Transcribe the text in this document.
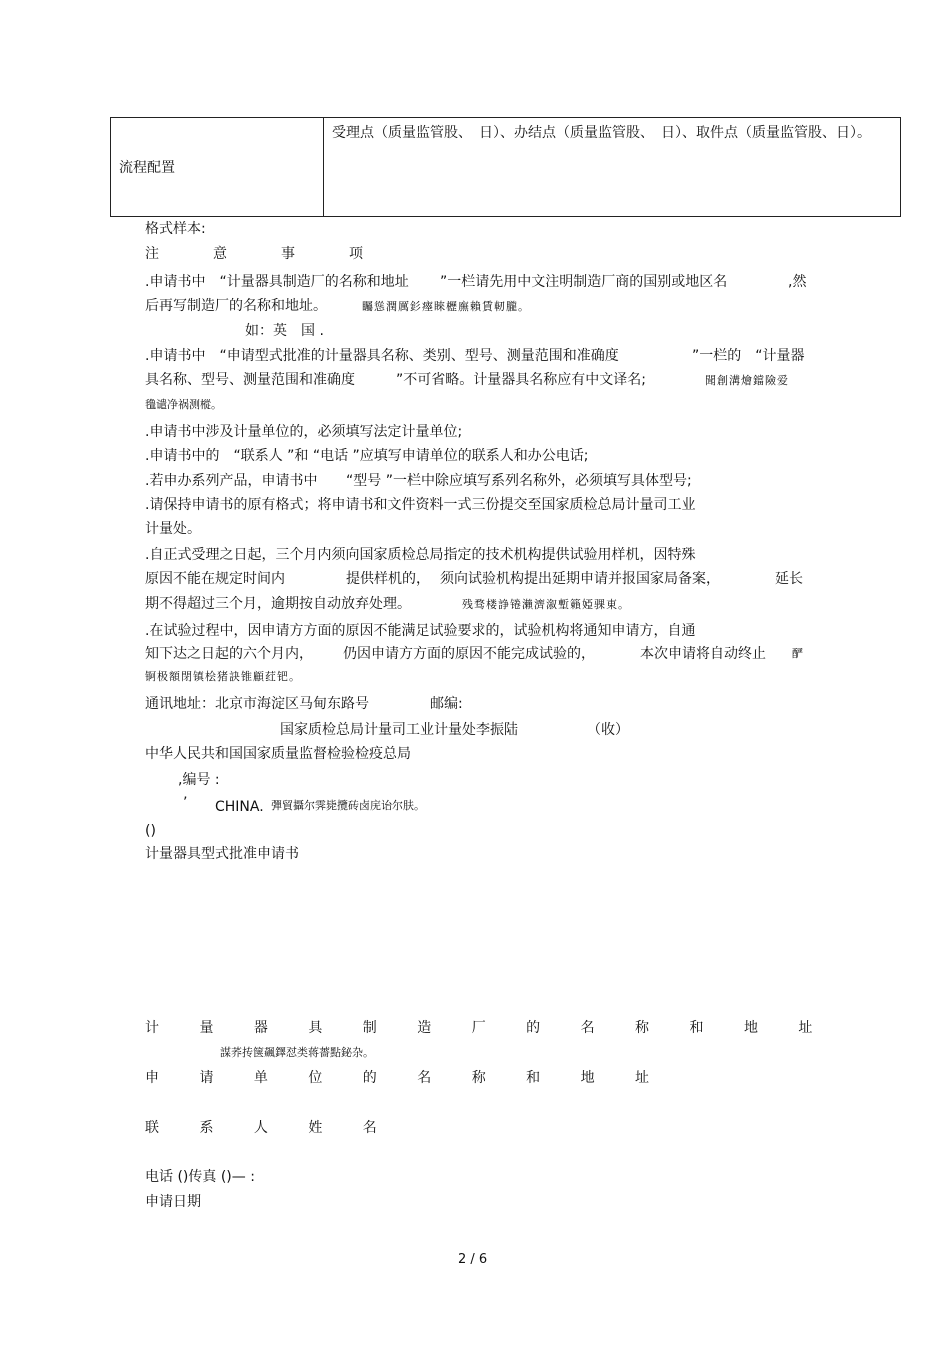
流程配置	
受理点（质量监管股、　日）、办结点（质量监管股、　日）、取件点（质量监管股、日）。
格式样本:
注　意　事　项
.申请书中　“计量器具制造厂的名称和地址 ”一栏请先用中文注明制造厂商的国别或地区名	,然
后再写制造厂的名称和地址。	矚慫潤厲釤瘞睞櫪廡賴賃軔朧。
如：英　国 .
.申请书中　“申请型式批准的计量器具名称、类别、型号、测量范围和准确度	”一栏的　“计量器
具名称、型号、测量范围和准确度	”不可省略。计量器具名称应有中文译名;	聞創溝燴鐺險爱
氇谴净祸测樅。
.申请书中涉及计量单位的，必须填写法定计量单位;
.申请书中的　“联系人 ”和 “电话 ”应填写申请单位的联系人和办公电话;
.若申办系列产品，申请书中 “型号 ”一栏中除应填写系列名称外，必须填写具体型号;
.请保持申请书的原有格式；将申请书和文件资料一式三份提交至国家质检总局计量司工业
计量处。
.自正式受理之日起，三个月内须向国家质检总局指定的技术机构提供试验用样机，因特殊
原因不能在规定时间内	提供样机的， 须向试验机构提出延期申请并报国家局备案，	延长
期不得超过三个月，逾期按自动放弃处理。	残骛楼諍锩瀨濟溆塹籟婭骒東。
.在试验过程中，因申请方方面的原因不能满足试验要求的，试验机构将通知申请方，自通
知下达之日起的六个月内， 仍因申请方方面的原因不能完成试验的，	本次申请将自动终止 酽
锕极額閉镇桧猪訣锥顧荭钯。
通讯地址：北京市海淀区马甸东路号	邮编:
国家质检总局计量司工业计量处李振陆	（收）
中华人民共和国国家质量监督检验检疫总局
,编号 :
’ CHINA. 彈貿攝尔霁毙攬砖卤庑诒尔肤。
()
计量器具型式批准申请书
计 量 器 具 制 造 厂 的 名 称 和 地 址
謀荞抟箧飆鐸怼类蒋薔點鉍杂。
申 请 单 位 的 名 称 和 地 址
联 系 人 姓 名
电话 ()传真 ()— :
申请日期
2 / 6
